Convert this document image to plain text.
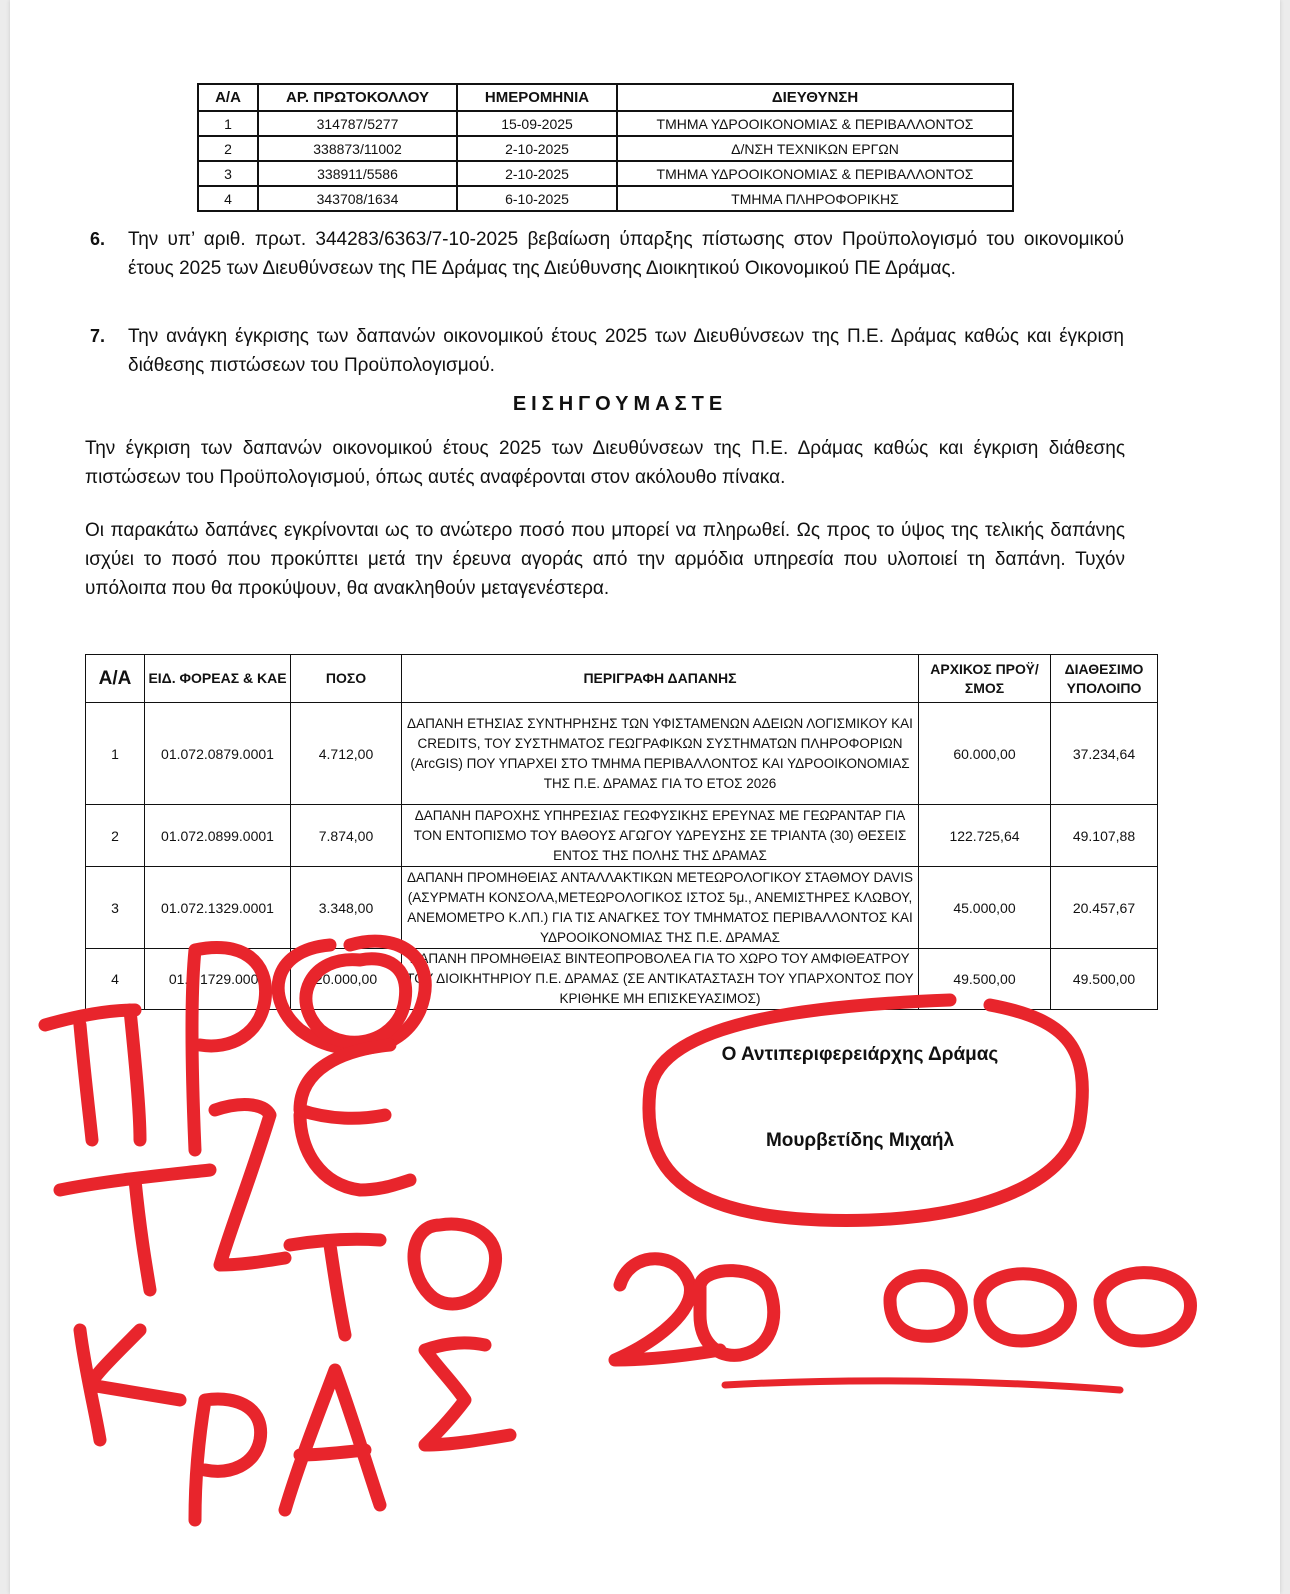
Α/Α	ΑΡ. ΠΡΩΤΟΚΟΛΛΟΥ	ΗΜΕΡΟΜΗΝΙΑ	ΔΙΕΥΘΥΝΣΗ
1	314787/5277	15-09-2025	ΤΜΗΜΑ ΥΔΡΟΟΙΚΟΝΟΜΙΑΣ & ΠΕΡΙΒΑΛΛΟΝΤΟΣ
2	338873/11002	2-10-2025	Δ/ΝΣΗ ΤΕΧΝΙΚΩΝ ΕΡΓΩΝ
3	338911/5586	2-10-2025	ΤΜΗΜΑ ΥΔΡΟΟΙΚΟΝΟΜΙΑΣ & ΠΕΡΙΒΑΛΛΟΝΤΟΣ
4	343708/1634	6-10-2025	ΤΜΗΜΑ ΠΛΗΡΟΦΟΡΙΚΗΣ
6. Την υπ’ αριθ. πρωτ. 344283/6363/7-10-2025 βεβαίωση ύπαρξης πίστωσης στον Προϋπολογισμό του οικονομικού έτους 2025 των Διευθύνσεων της ΠΕ Δράμας της Διεύθυνσης Διοικητικού Οικονομικού ΠΕ Δράμας.
7. Την ανάγκη έγκρισης των δαπανών οικονομικού έτους 2025 των Διευθύνσεων της Π.Ε. Δράμας καθώς και έγκριση διάθεσης πιστώσεων του Προϋπολογισμού.
ΕΙΣΗΓΟΥΜΑΣΤΕ
Την έγκριση των δαπανών οικονομικού έτους 2025 των Διευθύνσεων της Π.Ε. Δράμας καθώς και έγκριση διάθεσης πιστώσεων του Προϋπολογισμού, όπως αυτές αναφέρονται στον ακόλουθο πίνακα.
Οι παρακάτω δαπάνες εγκρίνονται ως το ανώτερο ποσό που μπορεί να πληρωθεί. Ως προς το ύψος της τελικής δαπάνης ισχύει το ποσό που προκύπτει μετά την έρευνα αγοράς από την αρμόδια υπηρεσία που υλοποιεί τη δαπάνη. Τυχόν υπόλοιπα που θα προκύψουν, θα ανακληθούν μεταγενέστερα.
Α/Α	ΕΙΔ. ΦΟΡΕΑΣ & ΚΑΕ	ΠΟΣΟ	ΠΕΡΙΓΡΑΦΗ ΔΑΠΑΝΗΣ	ΑΡΧΙΚΟΣ ΠΡΟΫ/ΣΜΟΣ	ΔΙΑΘΕΣΙΜΟ ΥΠΟΛΟΙΠΟ
1	01.072.0879.0001	4.712,00	ΔΑΠΑΝΗ ΕΤΗΣΙΑΣ ΣΥΝΤΗΡΗΣΗΣ ΤΩΝ ΥΦΙΣΤΑΜΕΝΩΝ ΑΔΕΙΩΝ ΛΟΓΙΣΜΙΚΟΥ ΚΑΙ CREDITS, ΤΟΥ ΣΥΣΤΗΜΑΤΟΣ ΓΕΩΓΡΑΦΙΚΩΝ ΣΥΣΤΗΜΑΤΩΝ ΠΛΗΡΟΦΟΡΙΩΝ (ArcGIS) ΠΟΥ ΥΠΑΡΧΕΙ ΣΤΟ ΤΜΗΜΑ ΠΕΡΙΒΑΛΛΟΝΤΟΣ ΚΑΙ ΥΔΡΟΟΙΚΟΝΟΜΙΑΣ ΤΗΣ Π.Ε. ΔΡΑΜΑΣ ΓΙΑ ΤΟ ΕΤΟΣ 2026	60.000,00	37.234,64
2	01.072.0899.0001	7.874,00	ΔΑΠΑΝΗ ΠΑΡΟΧΗΣ ΥΠΗΡΕΣΙΑΣ ΓΕΩΦΥΣΙΚΗΣ ΕΡΕΥΝΑΣ ΜΕ ΓΕΩΡΑΝΤΑΡ ΓΙΑ ΤΟΝ ΕΝΤΟΠΙΣΜΟ ΤΟΥ ΒΑΘΟΥΣ ΑΓΩΓΟΥ ΥΔΡΕΥΣΗΣ ΣΕ ΤΡΙΑΝΤΑ (30) ΘΕΣΕΙΣ ΕΝΤΟΣ ΤΗΣ ΠΟΛΗΣ ΤΗΣ ΔΡΑΜΑΣ	122.725,64	49.107,88
3	01.072.1329.0001	3.348,00	ΔΑΠΑΝΗ ΠΡΟΜΗΘΕΙΑΣ ΑΝΤΑΛΛΑΚΤΙΚΩΝ ΜΕΤΕΩΡΟΛΟΓΙΚΟΥ ΣΤΑΘΜΟΥ DAVIS (ΑΣΥΡΜΑΤΗ ΚΟΝΣΟΛΑ,ΜΕΤΕΩΡΟΛΟΓΙΚΟΣ ΙΣΤΟΣ 5μ., ΑΝΕΜΙΣΤΗΡΕΣ ΚΛΩΒΟΥ, ΑΝΕΜΟΜΕΤΡΟ Κ.ΛΠ.) ΓΙΑ ΤΙΣ ΑΝΑΓΚΕΣ ΤΟΥ ΤΜΗΜΑΤΟΣ ΠΕΡΙΒΑΛΛΟΝΤΟΣ ΚΑΙ ΥΔΡΟΟΙΚΟΝΟΜΙΑΣ ΤΗΣ Π.Ε. ΔΡΑΜΑΣ	45.000,00	20.457,67
4	01.3.1729.0001	20.000,00	ΔΑΠΑΝΗ ΠΡΟΜΗΘΕΙΑΣ ΒΙΝΤΕΟΠΡΟΒΟΛΕΑ ΓΙΑ ΤΟ ΧΩΡΟ ΤΟΥ ΑΜΦΙΘΕΑΤΡΟΥ ΤΟΥ ΔΙΟΙΚΗΤΗΡΙΟΥ Π.Ε. ΔΡΑΜΑΣ (ΣΕ ΑΝΤΙΚΑΤΑΣΤΑΣΗ ΤΟΥ ΥΠΑΡΧΟΝΤΟΣ ΠΟΥ ΚΡΙΘΗΚΕ ΜΗ ΕΠΙΣΚΕΥΑΣΙΜΟΣ)	49.500,00	49.500,00
Ο Αντιπεριφερειάρχης Δράμας
Μουρβετίδης Μιχαήλ
